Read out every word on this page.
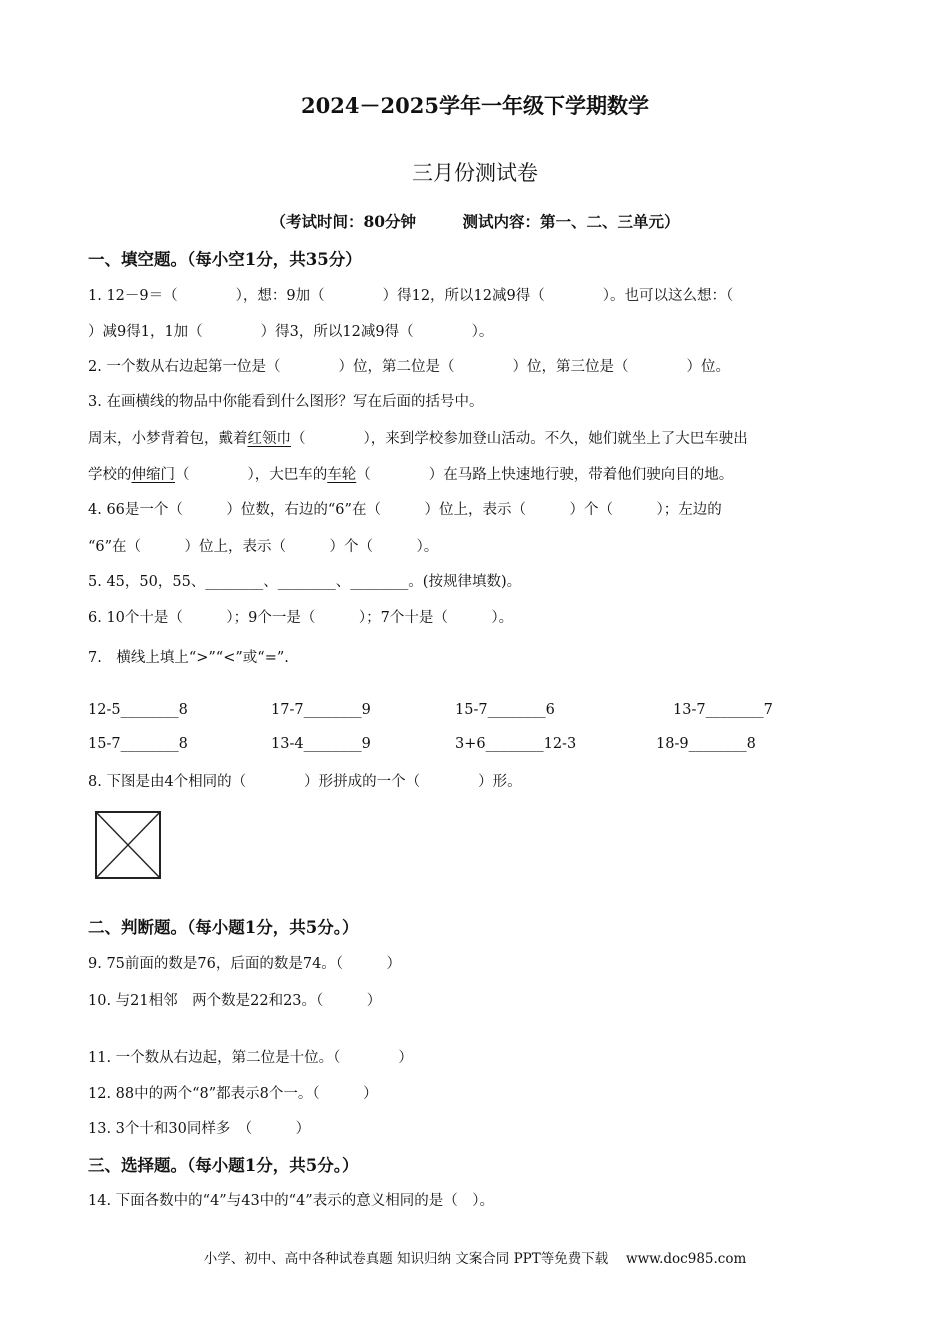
2024－2025学年一年级下学期数学
三月份测试卷
（考试时间：80分钟　　　测试内容：第一、二、三单元）
一、填空题。（每小空1分，共35分）
1. 12－9＝（　　　　），想：9加（　　　　）得12，所以12减9得（　　　　）。也可以这么想：（
）减9得1，1加（　　　　）得3，所以12减9得（　　　　）。
2. 一个数从右边起第一位是（　　　　）位，第二位是（　　　　）位，第三位是（　　　　）位。
3. 在画横线的物品中你能看到什么图形？写在后面的括号中。
周末，小梦背着包，戴着红领巾（　　　　），来到学校参加登山活动。不久，她们就坐上了大巴车驶出
学校的伸缩门（　　　　），大巴车的车轮（　　　　）在马路上快速地行驶，带着他们驶向目的地。
4. 66是一个（　　　）位数，右边的“6”在（　　　）位上，表示（　　　）个（　　　）；左边的
“6”在（　　　）位上，表示（　　　）个（　　　）。
5. 45，50，55、________、________、________。(按规律填数)。
6. 10个十是（　　　）；9个一是（　　　）；7个十是（　　　）。
7.　横线上填上“>”“<”或“=”.
12-5________8	17-7________9	15-7________6	13-7________7
15-7________8	13-4________9	3+6________12-3	18-9________8
8. 下图是由4个相同的（　　　　）形拼成的一个（　　　　）形。
二、判断题。（每小题1分，共5分。）
9. 75前面的数是76，后面的数是74。（　　　）
10. 与21相邻　两个数是22和23。（　　　）
11. 一个数从右边起，第二位是十位。（　　　　）
12. 88中的两个“8”都表示8个一。（　　　）
13. 3个十和30同样多　（　　　）
三、选择题。（每小题1分，共5分。）
14. 下面各数中的“4”与43中的“4”表示的意义相同的是（　）。
小学、初中、高中各种试卷真题 知识归纳 文案合同 PPT等免费下载　 www.doc985.com
